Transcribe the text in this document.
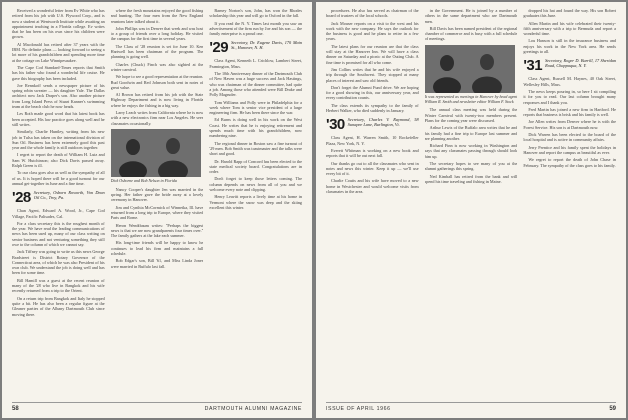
Received a wonderful letter from Ev White who has retired from his job with U.S. Plywood Corp., and is now a student at Wentworth Institute while awaiting an appointment teaching in a Florida college. Ev writes that he has been on his own since his children were grown.

Al Macdonald has retired after 37 years with the IBM. No definite plans — looking forward to seeing a lot more of his grandchildren and spending more time at the cottage on Lake Winnipesaukee.

The Cape Cod Standard-Times reports that Smith has his father who found a wonderful life cruise. He gave this biography has been included.

Joe Rennkoff sends a newspaper picture of his spring robin sweater — his daughter Yale. The Dallas architect now Jack Draper's son. Also another picture from Long Island Press of Stuart Kanner's swimming team at the beach club he now heads.

Les Roth made good word that his latest book has been accepted. His law practice goes along well and he still writes.

Similarly, Charlie Huntley, writing from his new job in Tulsa has taken on the international division of Sun Oil. Business has been extremely good this past year and the whole family is still outdoors together.

I regret to report the death of William H. Lutz and Sam W. Hutchinson; also Dick Davis passed away. Ralph Green is ill.

To our class goes also as well as the sympathy of all of us. It is hoped there will be a good turnout for our annual get-together in June and a fine time.

'28 Secretary, Osborn Roworth, Von Dean Oil Co., Troy, Pa.

Chan Agent, Edward A. Wood, Jr., Cape Cod Village, Pacific Palisades, Cal.

For a class secretary this is the roughest month of the year. We have read the leading communications of news has been used up, many of our class writing on senior business and not venturing something they still owe to the column of which we cannot say.

Jack Tiffney was going to write us this news George Bradstreet is District Rotary Governor of the Connecticut area, of which he was also President of his own club. We understand the job is doing well and has been for some time.

Bill Hamill was a guest at the recent reunion of many of the '28 who live in Bangkok and his wife recently returned from a trip to the Orient.

On a return trip from Bangkok and Italy he stopped quite a bit. He has also been a regular figure at the Gleaner parties of the Albany Dartmouth Club since moving there.

where the fresh mountains enjoyed the good fishing and hunting. The four men from the New England reunions later talked about it.

John Phillips was in Denver that week and was host to a group of friends over a long holiday. He visited the campus for the first time in several years.

The Class of '28 reunion is set for June 10. Ken Hartwell has been chairman of the program. The planning is going well.

Charles (Chuck) Finch was also sighted at the winter carnival.

We hope to see a good representation at the reunion. Bud Goodwin and Red Johnson both sent in notes of great value.

Al Brown has retired from his job with the State Highway Department and is now living in Florida where he enjoys the fishing in a big way.

Larry Leach writes from California where he is now with a new electronics firm near Los Angeles. He sees classmates occasionally.

Dick Osborne and Bob Nelson in Florida

Nancy Cooper's daughter Jen was married in the spring. Her father gave the bride away at a lovely ceremony in Hanover.

Jim and Cynthia McCormick of Winnetka, Ill. have returned from a long trip to Europe, where they visited Paris and Rome.

Heron Wendtbaum writes: "Perhaps the biggest news is that we are now grandparents four times over." The family gathers at the lake each summer.

His long-time friends will be happy to know he continues to lead his firm and maintains a full schedule.

Bob Edgar's son, Bill '61, and Miss Linda Jones were married in Buffalo last fall.

Barney Norton's son, John, has won the Rhodes scholarship this year and will go to Oxford in the fall.

If you read the N. Y. Times last month you saw an advertisement of the firm run by Joe and his son — the family enterprise is a proud one.

'29 Secretary, Dr. Eugene Davis, 170 Main St., Hanover, N. H.

Class Agent, Kenneth L. Crichlow, Lambert Street, Framington, Mass.

The 10th Anniversary dinner of the Dartmouth Club of New Haven was a huge success and Jack Hastings, who was chairman of the dinner committee, had quite a job. Among those who attended were Bill Drake and Polly Magruder.

Tom Williams and Polly were in Philadelphia for a week where Tom is senior vice president of a large engineering firm. He has been there since the war.

Ed Burns is doing well in his work on the West Coast. He writes that he is enjoying retirement and spends much time with his grandchildren, now numbering nine.

The regional dinner in Boston saw a fine turnout of '29 men. Bob Smith was toastmaster and the talks were short and good.

Dr. Harold Rapp of Concord has been elected to the state medical society board. Congratulations are in order.

Don't forget to keep those letters coming. The column depends on news from all of you and we welcome every note and clipping.

Henry Leavitt reports a lively time at his home in Vermont where the snow was deep and the skiing excellent this winter.

58	DARTMOUTH ALUMNI MAGAZINE

procedures. He also has served as chairman of the board of trustees of the local schools.

Jack Mouser reports on a visit to the west and his work with the new company. He says the outlook for the business is good and he plans to retire in a few years.

The latest plans for our reunion are that the class will stay at the Hanover Inn. We will have a class dinner on Saturday and a picnic at the Outing Club. A fine time is promised for all who come.

Jim Collins writes that he and his wife enjoyed a trip through the Southwest. They stopped at many places of interest and saw old friends.

Don't forget the Alumni Fund drive. We are hoping for a good showing in this, our anniversary year, and every contribution counts.

The class extends its sympathy to the family of Herbert Walker, who died suddenly in January.

'30 Secretary, Charles V. Raymond, 58 Sunapee Lane, Burlington, Vt.

Class Agent, H. Warren Smith, 10 Rockefeller Plaza, New York, N. Y.

Everett Whitman is working on a new book and reports that it will be out next fall.

Our thanks go out to all the classmates who sent in notes and news this winter. Keep it up — we'll use every bit of it.

Charlie Coutts and his wife have moved to a new home in Westchester and would welcome visits from classmates in the area.

in the Government. He is joined by a number of others in the same department who are Dartmouth men.

Bill Davis has been named president of the regional chamber of commerce and is busy with a full schedule of meetings.

It was represented as meetings in Hanover by head agent William R. Smith and newsletter editor William F. Stock

The annual class meeting was held during the Winter Carnival with twenty-two members present. Plans for the coming year were discussed.

Arthur Lewis of the Buffalo area writes that he and his family had a fine trip to Europe last summer and are planning another.

Richard Finn is now working in Washington and says that any classmates passing through should look him up.

The secretary hopes to see many of you at the alumni gatherings this spring.

Ned Kimball has retired from the bank and will spend his time traveling and fishing in Maine.

dropped his hat and found the way. His son Robert graduates this June.

Allen Martin and his wife celebrated their twenty-fifth anniversary with a trip to Bermuda and report a wonderful time.

Lou Hanson is still in the insurance business and enjoys his work in the New York area. He sends greetings to all.

'31 Secretary, Roger D. Burrill, 17 Sheridan Road, Chappaqua, N. Y.

Class Agent, Russell M. Haynes, 40 Oak Street, Wellesley Hills, Mass.

The news keeps pouring in, so here I sit compiling it for you to read. Our last column brought many responses and I thank you.

Fred Martin has joined a new firm in Hartford. He reports that business is brisk and his family is well.

Joe Allen writes from Denver where he is with the Forest Service. His son is at Dartmouth now.

Dick Warren has been elected to the board of the local hospital and is active in community affairs.

Jerry Prentice and his family spent the holidays in Hanover and report the campus as beautiful as ever.

We regret to report the death of John Chase in February. The sympathy of the class goes to his family.

ISSUE OF APRIL 1966	59
